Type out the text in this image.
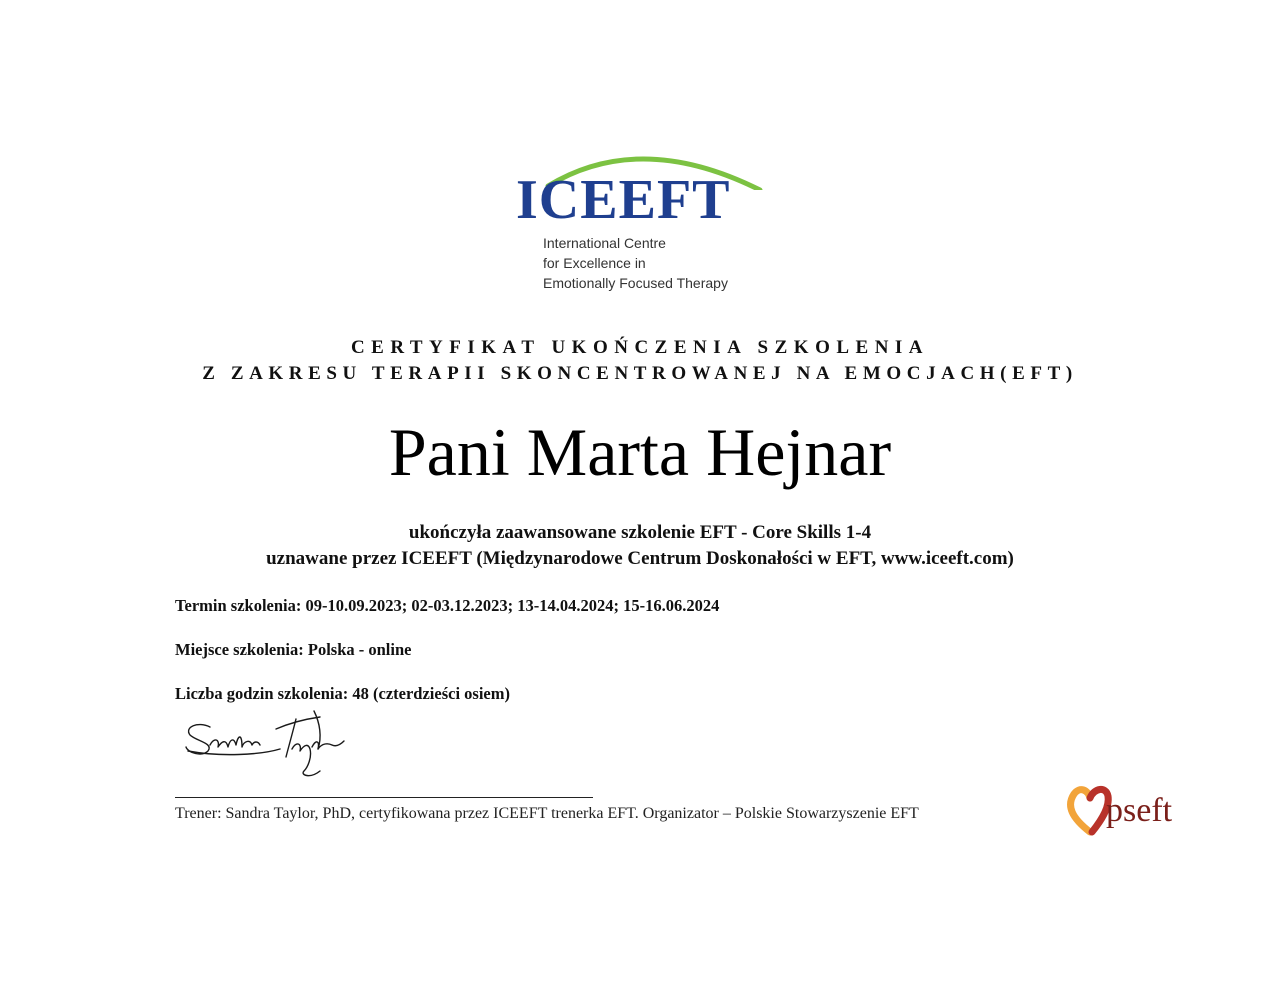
ICEEFT
International Centre
for Excellence in
Emotionally Focused Therapy
CERTYFIKAT UKOŃCZENIA SZKOLENIA
Z ZAKRESU TERAPII SKONCENTROWANEJ NA EMOCJACH(EFT)
Pani Marta Hejnar
ukończyła zaawansowane szkolenie EFT - Core Skills 1-4
uznawane przez ICEEFT (Międzynarodowe Centrum Doskonałości w EFT, www.iceeft.com)
Termin szkolenia: 09-10.09.2023; 02-03.12.2023; 13-14.04.2024; 15-16.06.2024
Miejsce szkolenia: Polska - online
Liczba godzin szkolenia: 48 (czterdzieści osiem)
Trener: Sandra Taylor, PhD, certyfikowana przez ICEEFT trenerka EFT. Organizator – Polskie Stowarzyszenie EFT	pseft
